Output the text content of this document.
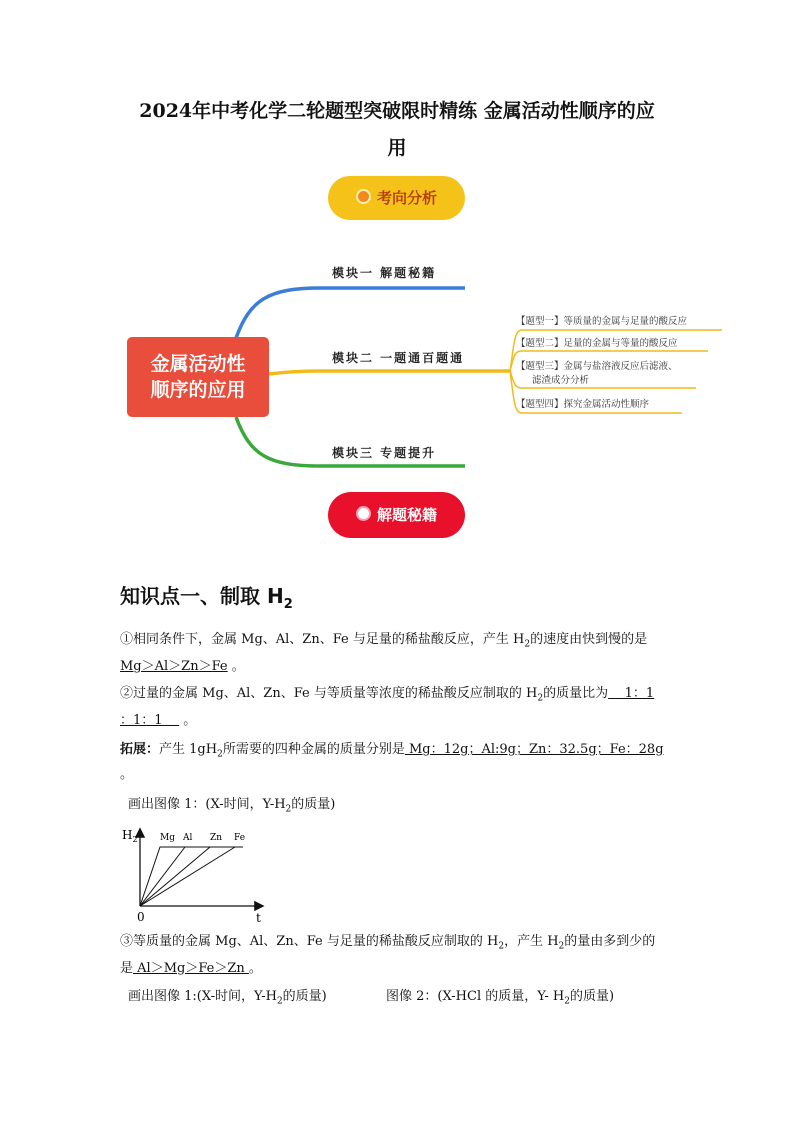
2024年中考化学二轮题型突破限时精练 金属活动性顺序的应
用
考向分析
金属活动性
顺序的应用
模块一 解题秘籍
模块二 一题通百题通
模块三 专题提升
【题型一】等质量的金属与足量的酸反应
【题型二】足量的金属与等量的酸反应
【题型三】金属与盐溶液反应后滤液、
滤渣成分分析
【题型四】探究金属活动性顺序
解题秘籍
知识点一、制取 $H_2$
①相同条件下，金属 Mg、Al、Zn、Fe 与足量的稀盐酸反应，产生 $H_2$的速度由快到慢的是
Mg＞Al＞Zn＞Fe 。
②过量的金属 Mg、Al、Zn、Fe 与等质量等浓度的稀盐酸反应制取的 $H_2$的质量比为    1：1
：1：1     。
拓展：产生 $1gH_2$所需要的四种金属的质量分别是 Mg：12g；Al:9g；Zn：32.5g；Fe：28g
。
画出图像 1：(X-时间，$Y-H_2$的质量)
$H_2$ Mg Al Zn Fe
0	t
③等质量的金属 Mg、Al、Zn、Fe 与足量的稀盐酸反应制取的 $H_2$，产生 $H_2$的量由多到少的
是 Al＞Mg＞Fe＞Zn 。
画出图像 1:(X-时间，$Y-H_2$的质量)	图像 2：(X-HCl 的质量，Y- $H_2$的质量)
